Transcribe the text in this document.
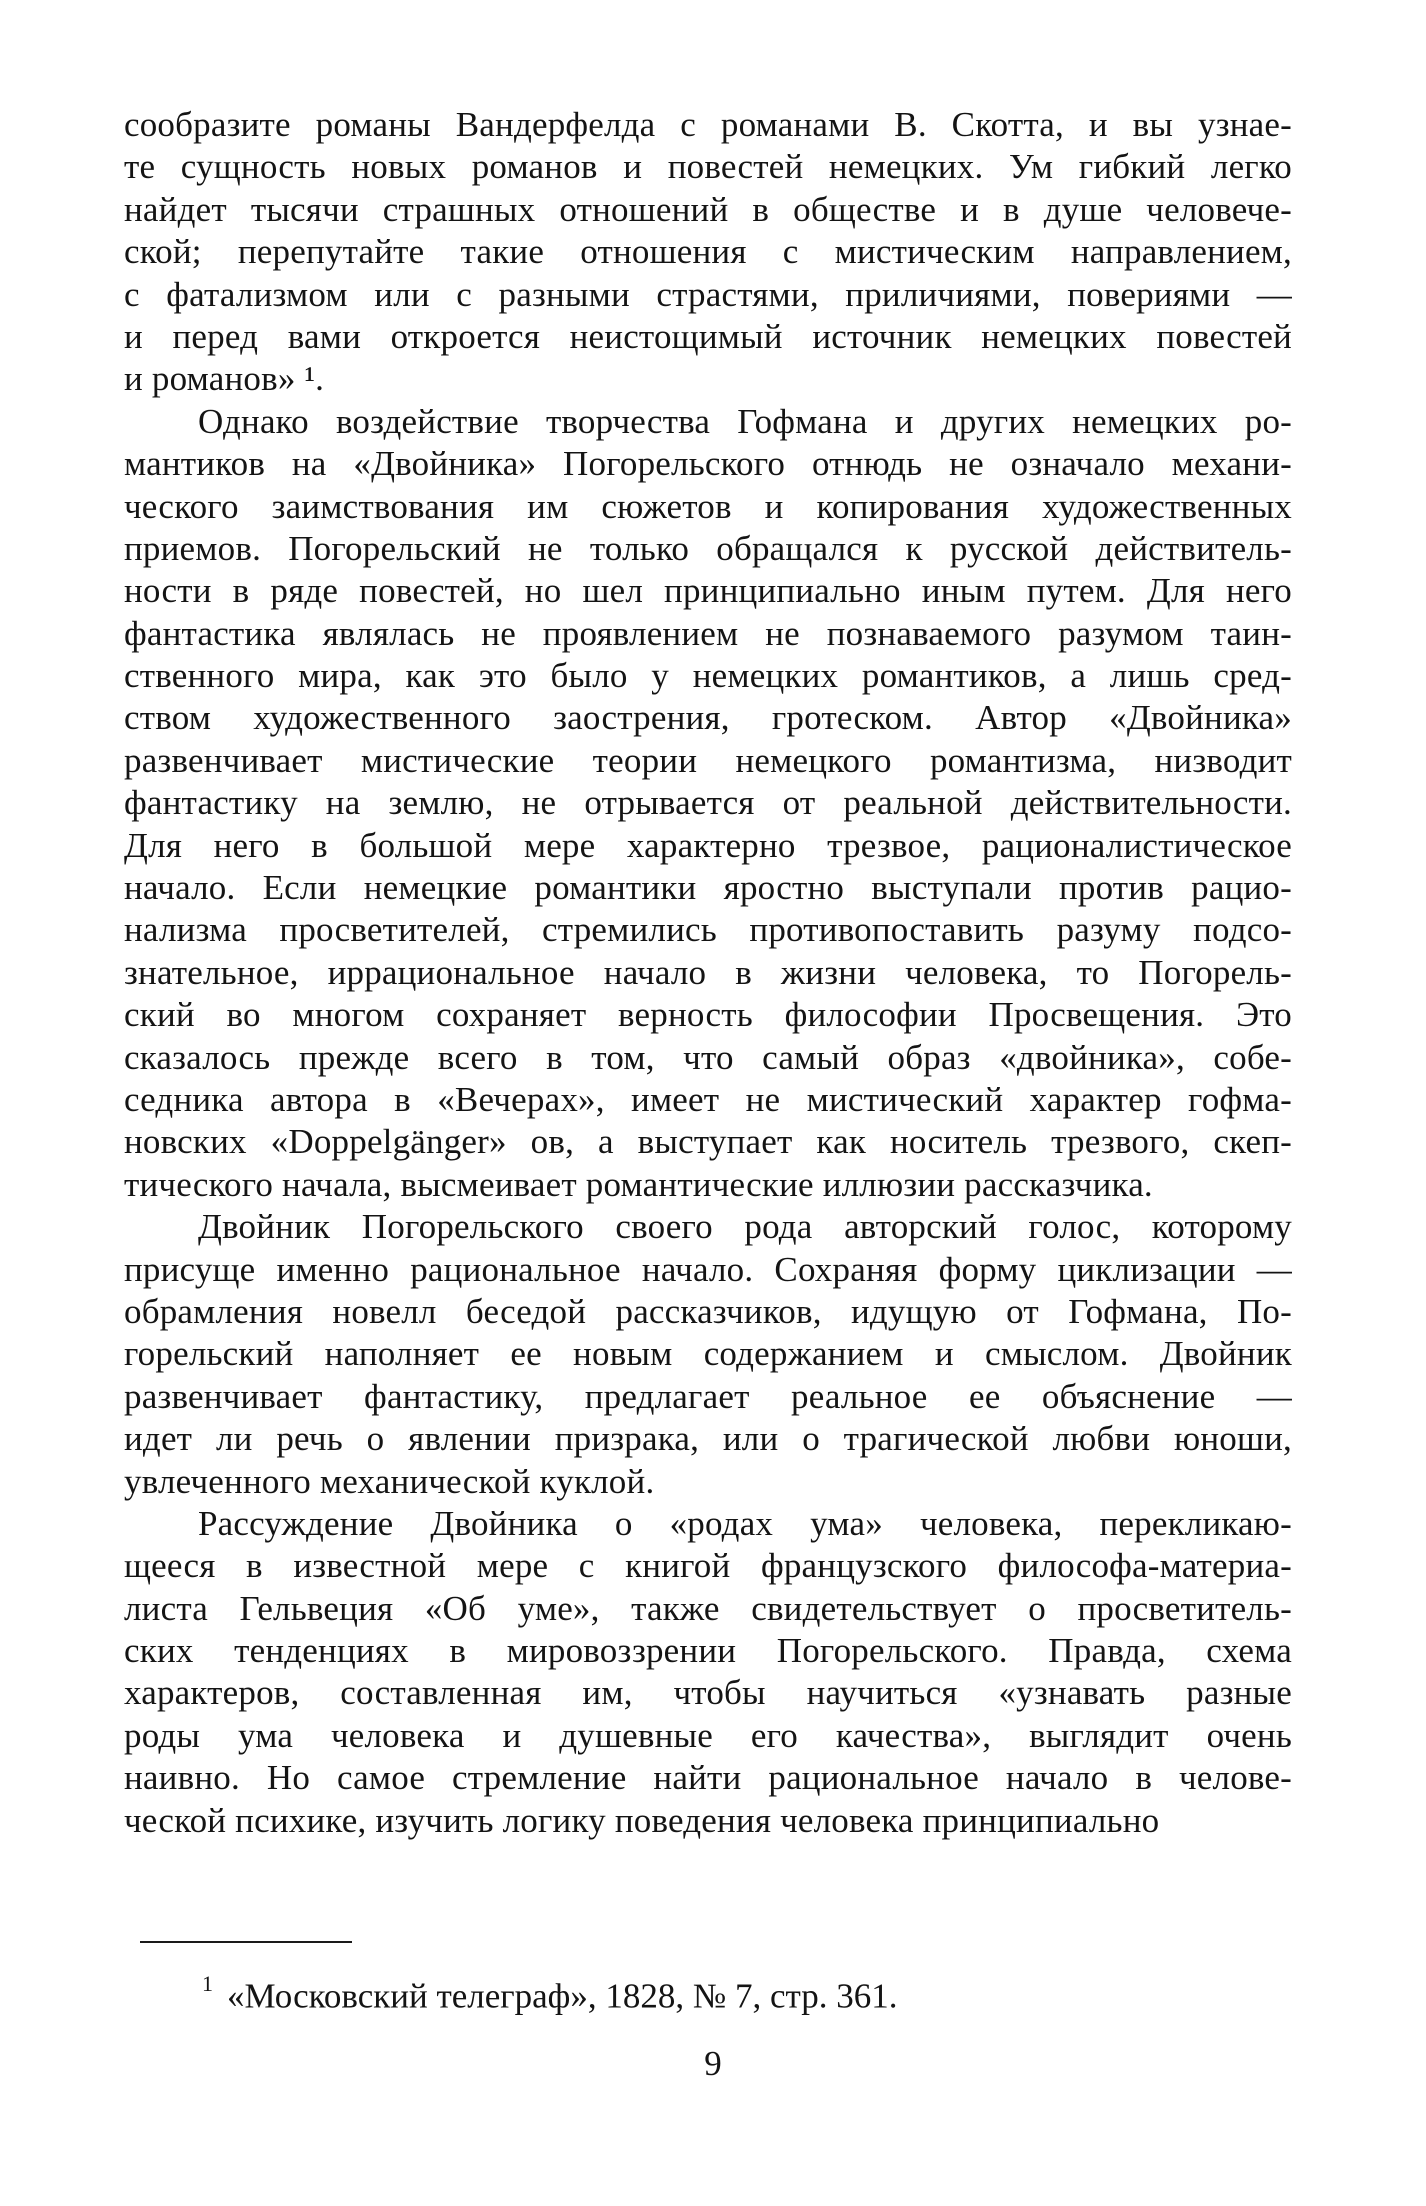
сообразите романы Вандерфелда с романами В. Скотта, и вы узнае-
те сущность новых романов и повестей немецких. Ум гибкий легко
найдет тысячи страшных отношений в обществе и в душе человече-
ской; перепутайте такие отношения с мистическим направлением,
с фатализмом или с разными страстями, приличиями, повериями —
и перед вами откроется неистощимый источник немецких повестей
и романов» ¹.
Однако воздействие творчества Гофмана и других немецких ро-
мантиков на «Двойника» Погорельского отнюдь не означало механи-
ческого заимствования им сюжетов и копирования художественных
приемов. Погорельский не только обращался к русской действитель-
ности в ряде повестей, но шел принципиально иным путем. Для него
фантастика являлась не проявлением не познаваемого разумом таин-
ственного мира, как это было у немецких романтиков, а лишь сред-
ством художественного заострения, гротеском. Автор «Двойника»
развенчивает мистические теории немецкого романтизма, низводит
фантастику на землю, не отрывается от реальной действительности.
Для него в большой мере характерно трезвое, рационалистическое
начало. Если немецкие романтики яростно выступали против рацио-
нализма просветителей, стремились противопоставить разуму подсо-
знательное, иррациональное начало в жизни человека, то Погорель-
ский во многом сохраняет верность философии Просвещения. Это
сказалось прежде всего в том, что самый образ «двойника», собе-
седника автора в «Вечерах», имеет не мистический характер гофма-
новских «Doppelgänger» ов, а выступает как носитель трезвого, скеп-
тического начала, высмеивает романтические иллюзии рассказчика.
Двойник Погорельского своего рода авторский голос, которому
присуще именно рациональное начало. Сохраняя форму циклизации —
обрамления новелл беседой рассказчиков, идущую от Гофмана, По-
горельский наполняет ее новым содержанием и смыслом. Двойник
развенчивает фантастику, предлагает реальное ее объяснение —
идет ли речь о явлении призрака, или о трагической любви юноши,
увлеченного механической куклой.
Рассуждение Двойника о «родах ума» человека, перекликаю-
щееся в известной мере с книгой французского философа-материа-
листа Гельвеция «Об уме», также свидетельствует о просветитель-
ских тенденциях в мировоззрении Погорельского. Правда, схема
характеров, составленная им, чтобы научиться «узнавать разные
роды ума человека и душевные его качества», выглядит очень
наивно. Но самое стремление найти рациональное начало в челове-
ческой психике, изучить логику поведения человека принципиально
$^1$ «Московский телеграф», 1828, № 7, стр. 361.
9
